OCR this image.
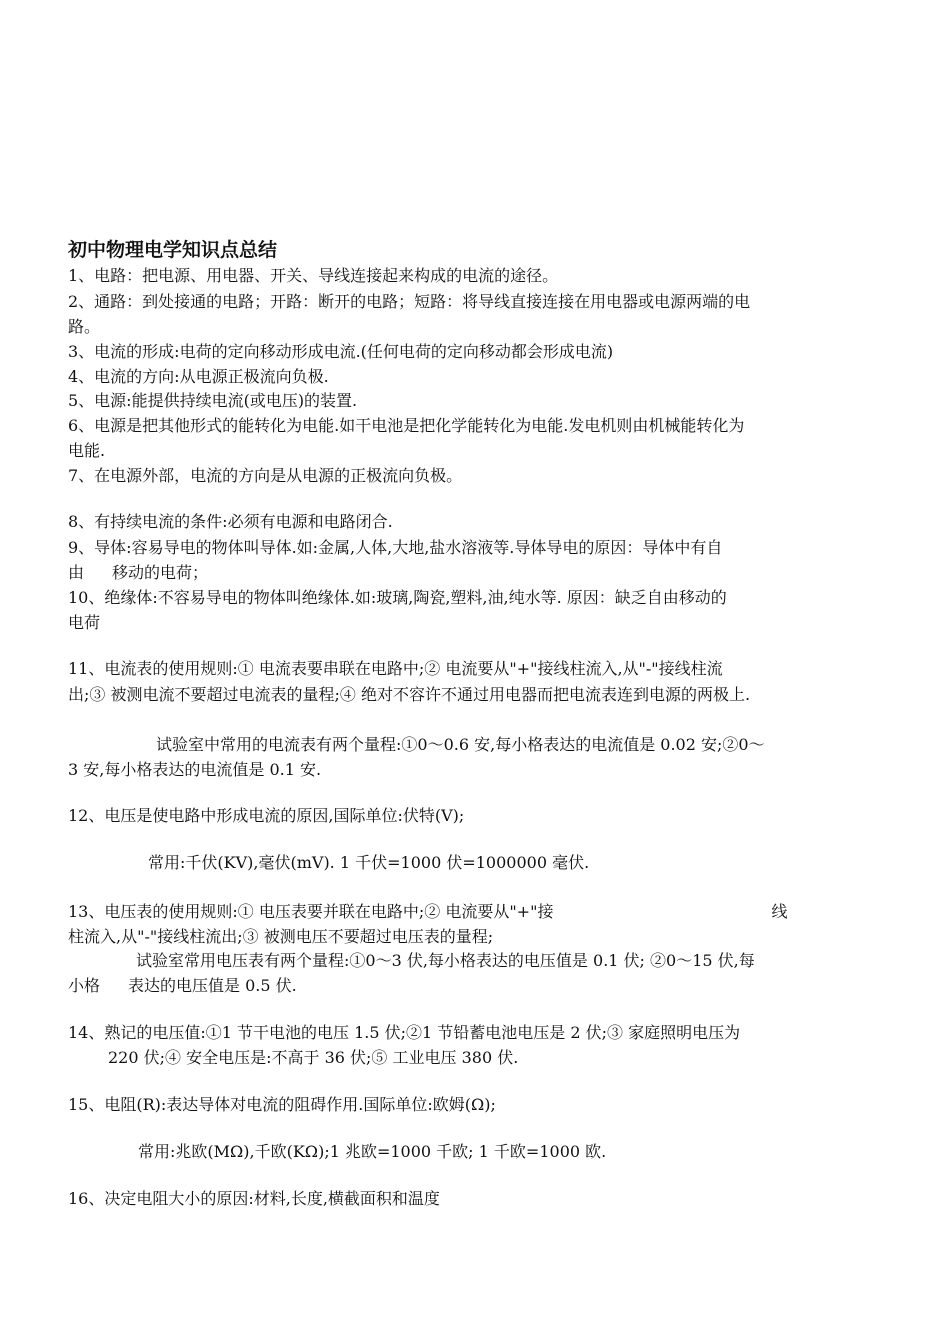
初中物理电学知识点总结
1、电路：把电源、用电器、开关、导线连接起来构成的电流的途径。
2、通路：到处接通的电路；开路：断开的电路；短路：将导线直接连接在用电器或电源两端的电
路。
3、电流的形成:电荷的定向移动形成电流.(任何电荷的定向移动都会形成电流)
4、电流的方向:从电源正极流向负极.
5、电源:能提供持续电流(或电压)的装置.
6、电源是把其他形式的能转化为电能.如干电池是把化学能转化为电能.发电机则由机械能转化为
电能.
7、在电源外部，电流的方向是从电源的正极流向负极。
8、有持续电流的条件:必须有电源和电路闭合.
9、导体:容易导电的物体叫导体.如:金属,人体,大地,盐水溶液等.导体导电的原因：导体中有自
由 移动的电荷；
10、绝缘体:不容易导电的物体叫绝缘体.如:玻璃,陶瓷,塑料,油,纯水等. 原因：缺乏自由移动的
电荷
11、电流表的使用规则:① 电流表要串联在电路中;② 电流要从"+"接线柱流入,从"-"接线柱流
出;③ 被测电流不要超过电流表的量程;④ 绝对不容许不通过用电器而把电流表连到电源的两极上.
试验室中常用的电流表有两个量程:①0～0.6 安,每小格表达的电流值是 0.02 安;②0～
3 安,每小格表达的电流值是 0.1 安.
12、电压是使电路中形成电流的原因,国际单位:伏特(V);
常用:千伏(KV),毫伏(mV). 1 千伏=1000 伏=1000000 毫伏.
13、电压表的使用规则:① 电压表要并联在电路中;② 电流要从"+"接	线
柱流入,从"-"接线柱流出;③ 被测电压不要超过电压表的量程;
试验室常用电压表有两个量程:①0～3 伏,每小格表达的电压值是 0.1 伏; ②0～15 伏,每
小格 表达的电压值是 0.5 伏.
14、熟记的电压值:①1 节干电池的电压 1.5 伏;②1 节铅蓄电池电压是 2 伏;③ 家庭照明电压为
220 伏;④ 安全电压是:不高于 36 伏;⑤ 工业电压 380 伏.
15、电阻(R):表达导体对电流的阻碍作用.国际单位:欧姆(Ω);
常用:兆欧(MΩ),千欧(KΩ);1 兆欧=1000 千欧; 1 千欧=1000 欧.
16、决定电阻大小的原因:材料,长度,横截面积和温度
